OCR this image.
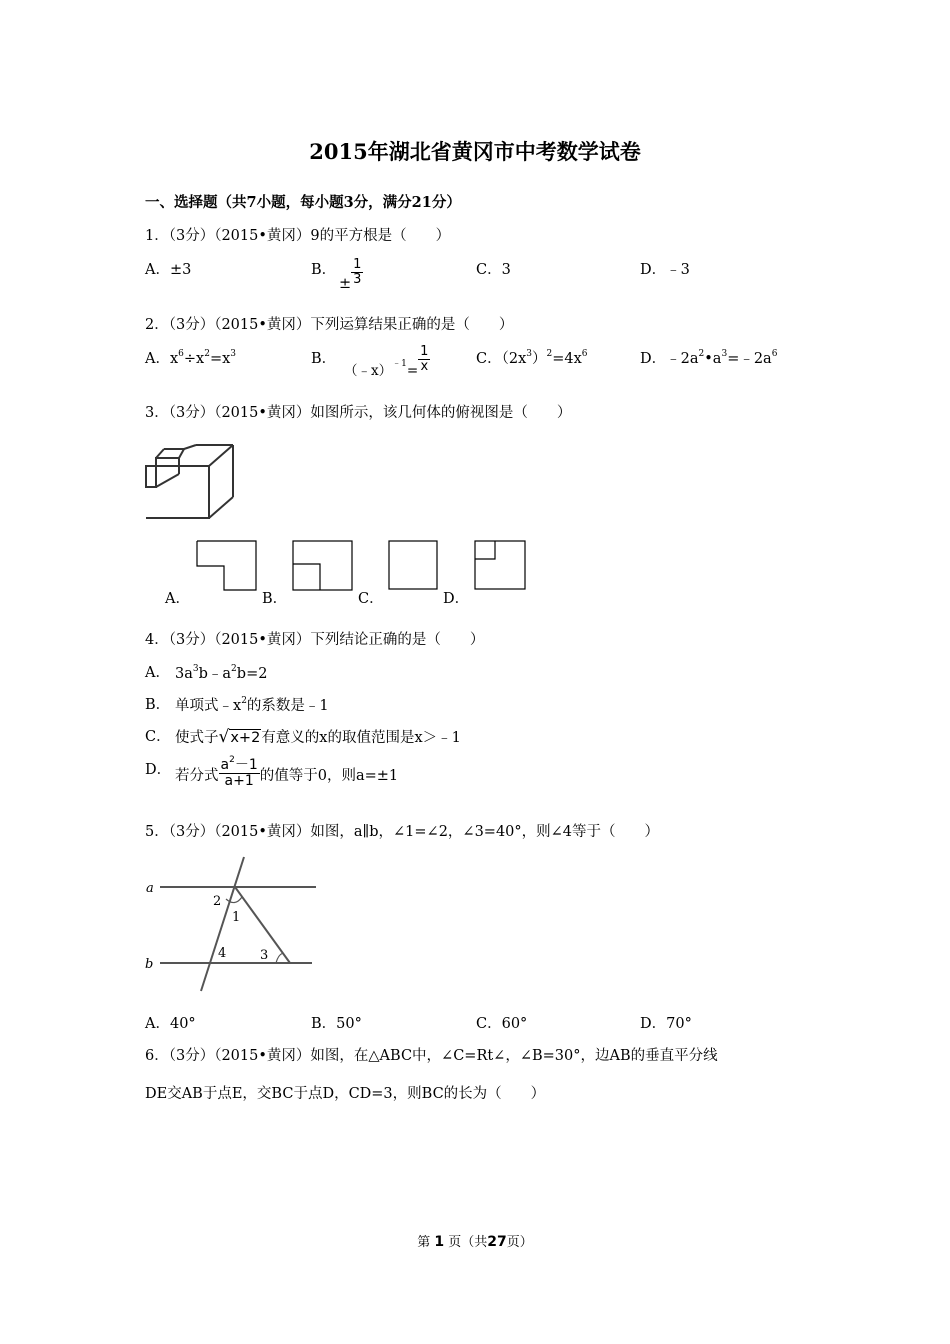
2015年湖北省黄冈市中考数学试卷
一、选择题（共7小题，每小题3分，满分21分）
1．（3分）（2015•黄冈）9的平方根是（　　）
A．±3	B．
± $\frac{1}{3}$	C．3	D．﹣3
2．（3分）（2015•黄冈）下列运算结果正确的是（　　）
A．$x^6\div x^2=x^3$	B．
（﹣x）$^{﹣1}$= $\frac{1}{x}$	C．$(2x^3)^2=4x^6$	D．$﹣2a^2•a^3=﹣2a^6$
3．（3分）（2015•黄冈）如图所示，该几何体的俯视图是（　　）
A．	B．	C．	D．
4．（3分）（2015•黄冈）下列结论正确的是（　　）
A． $3a^3b﹣a^2b=2$
B． 单项式$﹣x^2$的系数是﹣1
C． 使式子√x+2有意义的x的取值范围是x＞﹣1
D． 若分式 $\frac{a^2-1}{a+1}$ 的值等于0，则a=±1
5．（3分）（2015•黄冈）如图，a∥b，∠1=∠2，∠3=40°，则∠4等于（　　）
a
b
2
1
4	3
A．40°	B．50°	C．60°	D．70°
6．（3分）（2015•黄冈）如图，在△ABC中，∠C=Rt∠，∠B=30°，边AB的垂直平分线
DE交AB于点E，交BC于点D，CD=3，则BC的长为（　　）
第 1 页（共27页）
